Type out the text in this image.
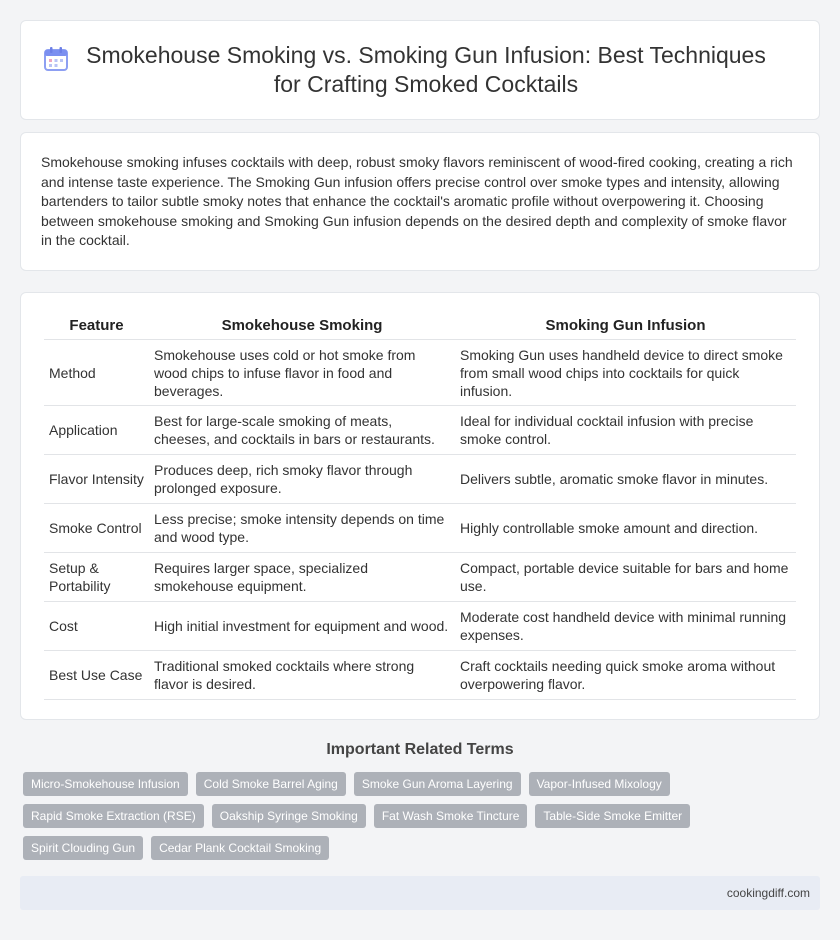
Smokehouse Smoking vs. Smoking Gun Infusion: Best Techniques for Crafting Smoked Cocktails

Smokehouse smoking infuses cocktails with deep, robust smoky flavors reminiscent of wood-fired cooking, creating a rich and intense taste experience. The Smoking Gun infusion offers precise control over smoke types and intensity, allowing bartenders to tailor subtle smoky notes that enhance the cocktail's aromatic profile without overpowering it. Choosing between smokehouse smoking and Smoking Gun infusion depends on the desired depth and complexity of smoke flavor in the cocktail.

Feature	Smokehouse Smoking	Smoking Gun Infusion
Method	Smokehouse uses cold or hot smoke from wood chips to infuse flavor in food and beverages.	Smoking Gun uses handheld device to direct smoke from small wood chips into cocktails for quick infusion.
Application	Best for large-scale smoking of meats, cheeses, and cocktails in bars or restaurants.	Ideal for individual cocktail infusion with precise smoke control.
Flavor Intensity	Produces deep, rich smoky flavor through prolonged exposure.	Delivers subtle, aromatic smoke flavor in minutes.
Smoke Control	Less precise; smoke intensity depends on time and wood type.	Highly controllable smoke amount and direction.
Setup & Portability	Requires larger space, specialized smokehouse equipment.	Compact, portable device suitable for bars and home use.
Cost	High initial investment for equipment and wood.	Moderate cost handheld device with minimal running expenses.
Best Use Case	Traditional smoked cocktails where strong flavor is desired.	Craft cocktails needing quick smoke aroma without overpowering flavor.
Important Related Terms
Micro-Smokehouse Infusion	Cold Smoke Barrel Aging	Smoke Gun Aroma Layering	Vapor-Infused Mixology
Rapid Smoke Extraction (RSE)	Oakship Syringe Smoking	Fat Wash Smoke Tincture	Table-Side Smoke Emitter
Spirit Clouding Gun	Cedar Plank Cocktail Smoking
cookingdiff.com
